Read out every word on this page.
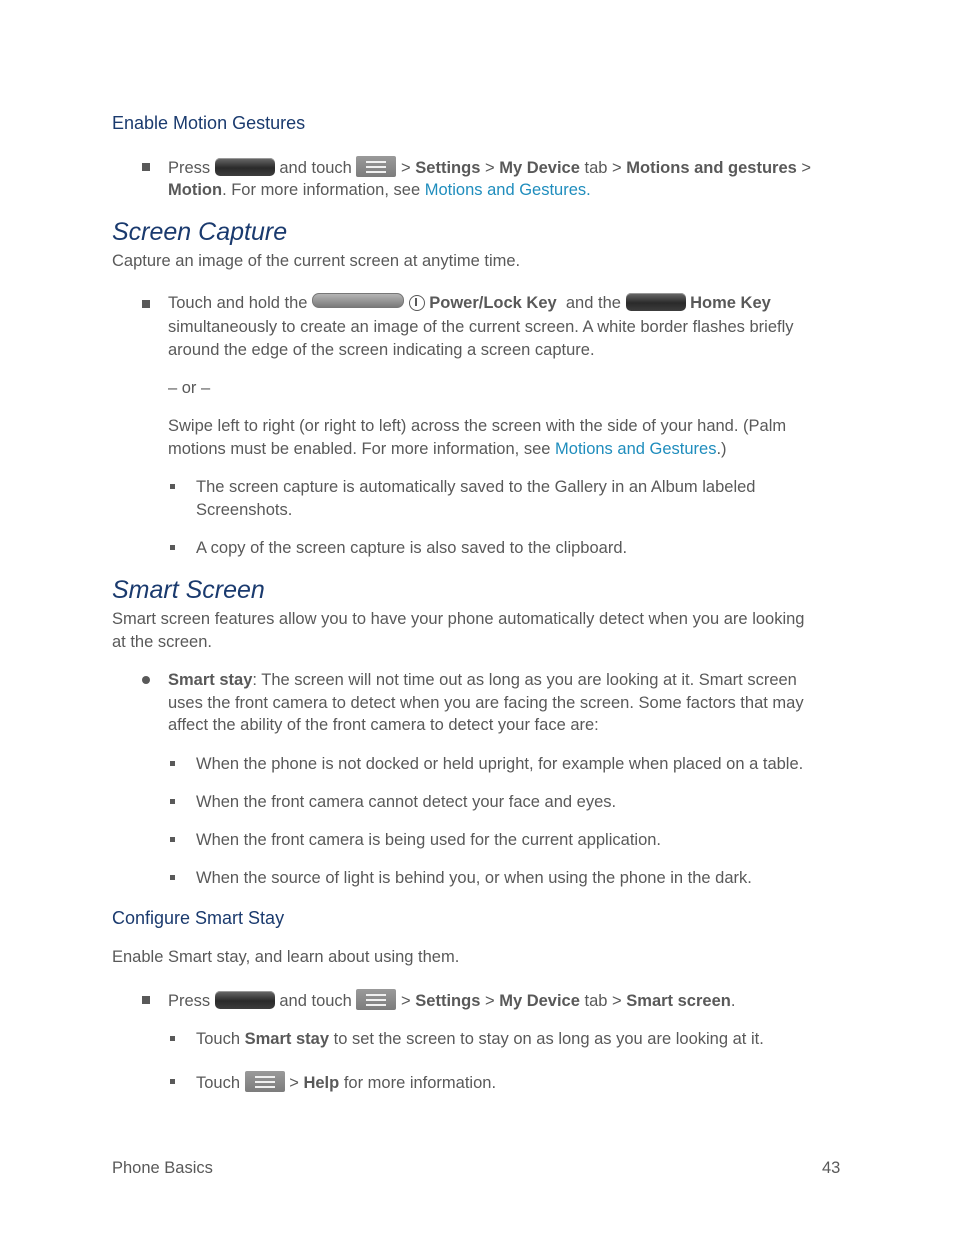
Enable Motion Gestures
Press	and touch	> Settings > My Device tab > Motions and gestures >
Motion. For more information, see Motions and Gestures.
Screen Capture
Capture an image of the current screen at anytime time.
Touch and hold the	Power/Lock Key and the	Home Key
simultaneously to create an image of the current screen. A white border flashes briefly
around the edge of the screen indicating a screen capture.
– or –
Swipe left to right (or right to left) across the screen with the side of your hand. (Palm
motions must be enabled. For more information, see Motions and Gestures.)
The screen capture is automatically saved to the Gallery in an Album labeled
Screenshots.
A copy of the screen capture is also saved to the clipboard.
Smart Screen
Smart screen features allow you to have your phone automatically detect when you are looking
at the screen.
Smart stay: The screen will not time out as long as you are looking at it. Smart screen
uses the front camera to detect when you are facing the screen. Some factors that may
affect the ability of the front camera to detect your face are:
When the phone is not docked or held upright, for example when placed on a table.
When the front camera cannot detect your face and eyes.
When the front camera is being used for the current application.
When the source of light is behind you, or when using the phone in the dark.
Configure Smart Stay
Enable Smart stay, and learn about using them.
Press	and touch	> Settings > My Device tab > Smart screen.
Touch Smart stay to set the screen to stay on as long as you are looking at it.
Touch	> Help for more information.
Phone Basics	43
